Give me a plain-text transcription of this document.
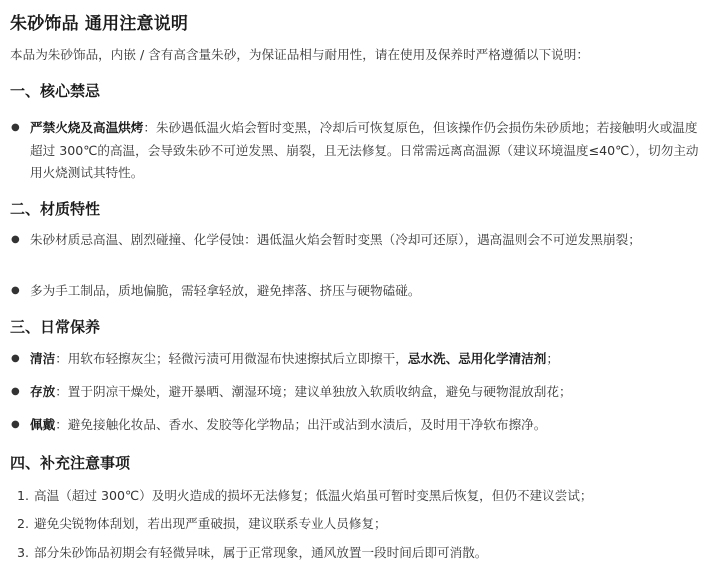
朱砂饰品 通用注意说明
本品为朱砂饰品，内嵌 / 含有高含量朱砂，为保证品相与耐用性，请在使用及保养时严格遵循以下说明：
一、核心禁忌
● 严禁火烧及高温烘烤：朱砂遇低温火焰会暂时变黑，冷却后可恢复原色，但该操作仍会损伤朱砂质地；若接触明火或温度超过 300℃的高温，会导致朱砂不可逆发黑、崩裂，且无法修复。日常需远离高温源（建议环境温度≤40℃），切勿主动用火烧测试其特性。
二、材质特性
● 朱砂材质忌高温、剧烈碰撞、化学侵蚀：遇低温火焰会暂时变黑（冷却可还原），遇高温则会不可逆发黑崩裂；
● 多为手工制品，质地偏脆，需轻拿轻放，避免摔落、挤压与硬物磕碰。
三、日常保养
● 清洁：用软布轻擦灰尘；轻微污渍可用微湿布快速擦拭后立即擦干，忌水洗、忌用化学清洁剂；
● 存放：置于阴凉干燥处，避开暴晒、潮湿环境；建议单独放入软质收纳盒，避免与硬物混放刮花；
● 佩戴：避免接触化妆品、香水、发胶等化学物品；出汗或沾到水渍后，及时用干净软布擦净。
四、补充注意事项
1. 高温（超过 300℃）及明火造成的损坏无法修复；低温火焰虽可暂时变黑后恢复，但仍不建议尝试；
2. 避免尖锐物体刮划，若出现严重破损，建议联系专业人员修复；
3. 部分朱砂饰品初期会有轻微异味，属于正常现象，通风放置一段时间后即可消散。
